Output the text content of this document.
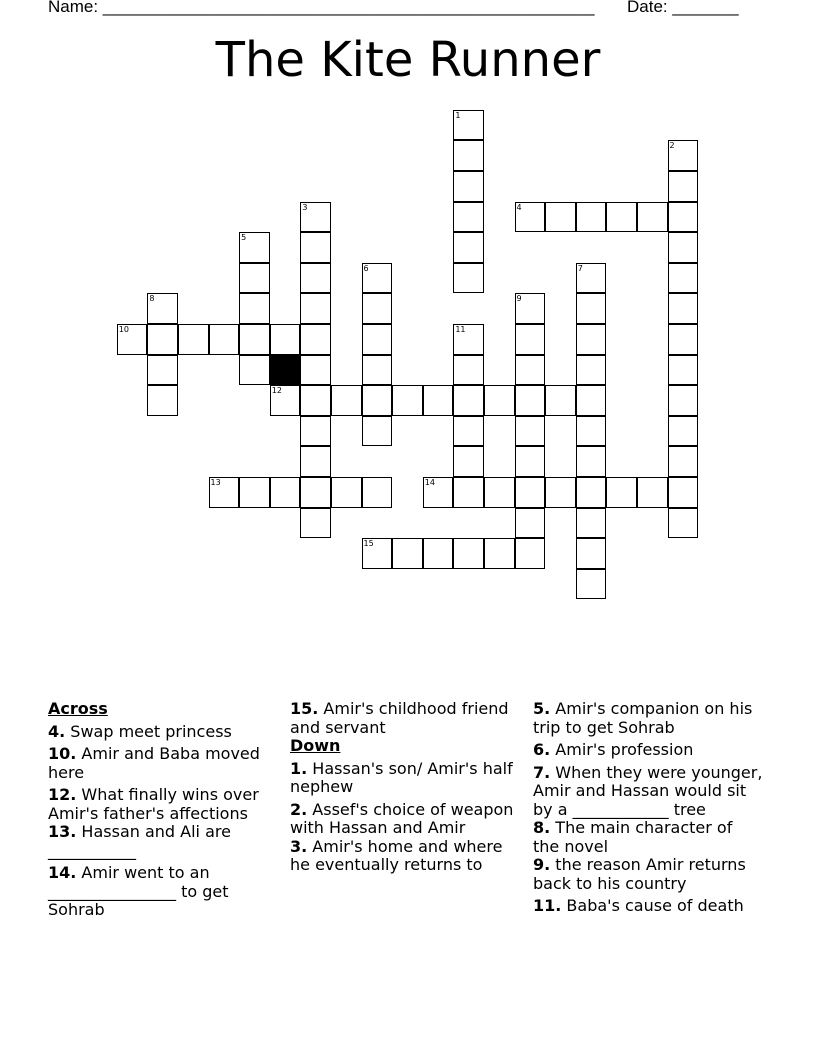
Name: ____________________________________________________ Date: _______
The Kite Runner
1
2
3	4
5
6	7
8	9
10	11
12
13	14
15
Across
4. Swap meet princess
10. Amir and Baba moved here
12. What finally wins over Amir's father's affections
13. Hassan and Ali are ___________
14. Amir went to an ________________ to get Sohrab
15. Amir's childhood friend and servant
Down
1. Hassan's son/ Amir's half nephew
2. Assef's choice of weapon with Hassan and Amir
3. Amir's home and where he eventually returns to
5. Amir's companion on his trip to get Sohrab
6. Amir's profession
7. When they were younger, Amir and Hassan would sit by a ____________ tree
8. The main character of the novel
9. the reason Amir returns back to his country
11. Baba's cause of death
